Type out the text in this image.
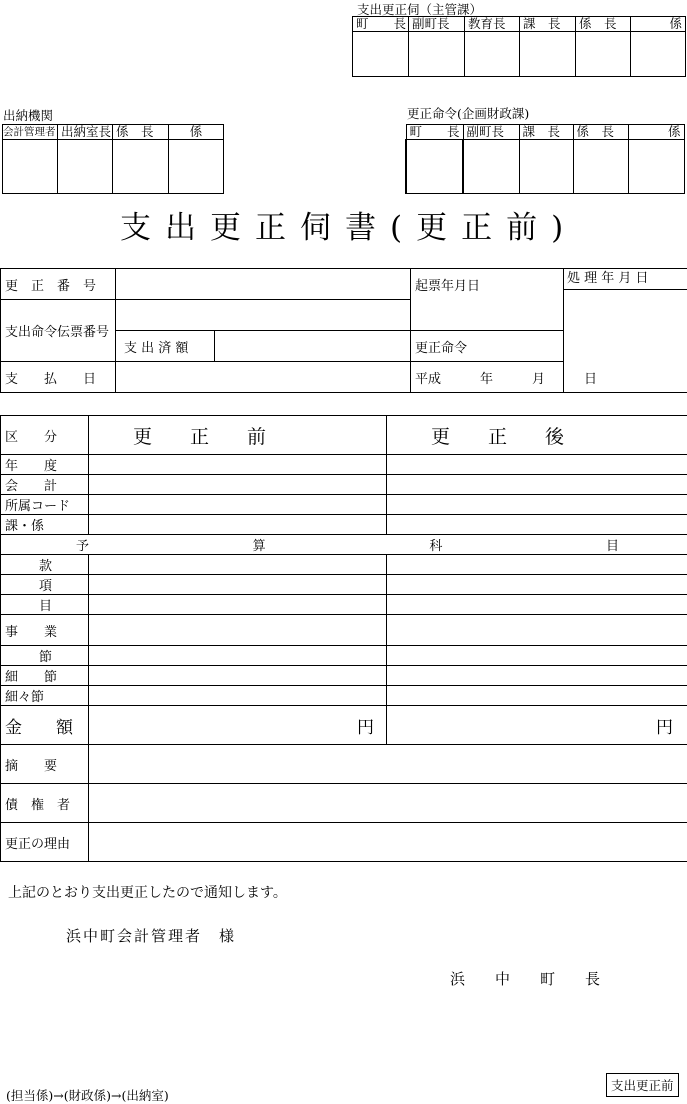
支出更正伺（主管課）
町　　長	副町長	教育長	課　長	係　長	係

出納機関
会計管理者	出納室長	係　長	係

更正命令(企画財政課)
町　　長	副町長	課　長	係　長	係

支出更正伺書(更正前)
更　正　番　号			起票年月日	処 理 年 月 日

支出命令伝票番号				
	支 出 済 額		更正命令	
支　　払　　日			平成　　　年　　　月　　　日	
区　　分	更　　正　　前	更　　正　　後

年　　度		
会　　計		
所属コード		
課・係		

予 算 科 目		

款		
項		
目		
事　　業		
節		
細　　節		
細々節		
金　　額	円	円
摘　　要		
債　権　者		
更正の理由		
上記のとおり支出更正したので通知します。
浜中町会計管理者　様
浜　　中　　町　　長
(担当係)→(財政係)→(出納室)
支出更正前
